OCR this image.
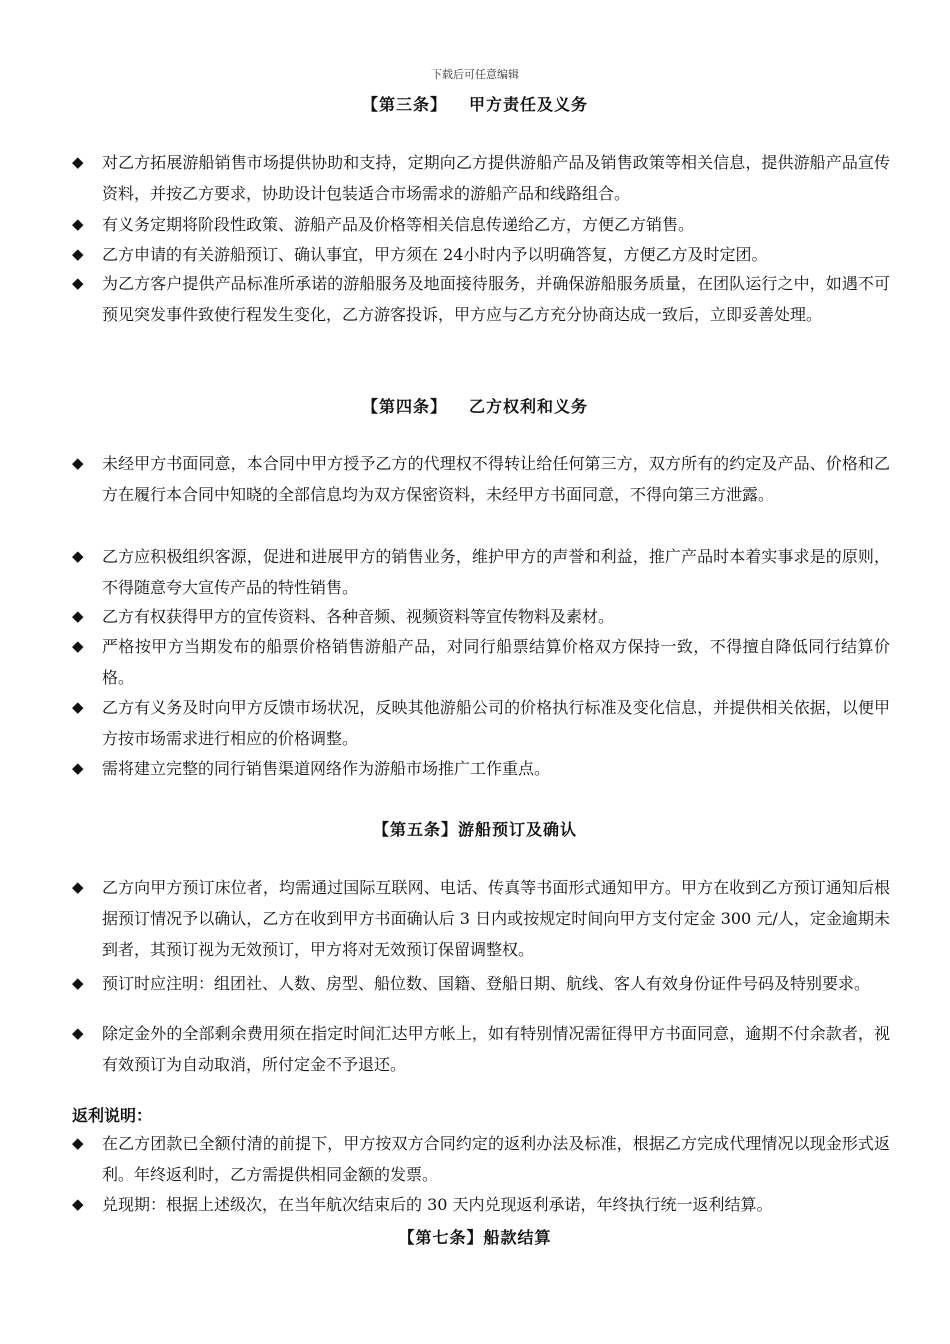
下载后可任意编辑
【第三条】 甲方责任及义务
◆	对乙方拓展游船销售市场提供协助和支持，定期向乙方提供游船产品及销售政策等相关信息，提供游船产品宣传资料，并按乙方要求，协助设计包装适合市场需求的游船产品和线路组合。
◆	有义务定期将阶段性政策、游船产品及价格等相关信息传递给乙方，方便乙方销售。
◆	乙方申请的有关游船预订、确认事宜，甲方须在 24小时内予以明确答复，方便乙方及时定团。
◆	为乙方客户提供产品标准所承诺的游船服务及地面接待服务，并确保游船服务质量，在团队运行之中，如遇不可预见突发事件致使行程发生变化，乙方游客投诉，甲方应与乙方充分协商达成一致后，立即妥善处理。
【第四条】 乙方权利和义务
◆	未经甲方书面同意，本合同中甲方授予乙方的代理权不得转让给任何第三方，双方所有的约定及产品、价格和乙方在履行本合同中知晓的全部信息均为双方保密资料，未经甲方书面同意，不得向第三方泄露。
◆	乙方应积极组织客源，促进和进展甲方的销售业务，维护甲方的声誉和利益，推广产品时本着实事求是的原则，不得随意夸大宣传产品的特性销售。
◆	乙方有权获得甲方的宣传资料、各种音频、视频资料等宣传物料及素材。
◆	严格按甲方当期发布的船票价格销售游船产品，对同行船票结算价格双方保持一致，不得擅自降低同行结算价格。
◆	乙方有义务及时向甲方反馈市场状况，反映其他游船公司的价格执行标准及变化信息，并提供相关依据，以便甲方按市场需求进行相应的价格调整。
◆	需将建立完整的同行销售渠道网络作为游船市场推广工作重点。
【第五条】游船预订及确认
◆	乙方向甲方预订床位者，均需通过国际互联网、电话、传真等书面形式通知甲方。甲方在收到乙方预订通知后根据预订情况予以确认，乙方在收到甲方书面确认后 3 日内或按规定时间向甲方支付定金 300 元/人，定金逾期未到者，其预订视为无效预订，甲方将对无效预订保留调整权。
◆	预订时应注明：组团社、人数、房型、船位数、国籍、登船日期、航线、客人有效身份证件号码及特别要求。
◆	除定金外的全部剩余费用须在指定时间汇达甲方帐上，如有特别情况需征得甲方书面同意，逾期不付余款者，视有效预订为自动取消，所付定金不予退还。
返利说明：
◆	在乙方团款已全额付清的前提下，甲方按双方合同约定的返利办法及标准，根据乙方完成代理情况以现金形式返利。年终返利时，乙方需提供相同金额的发票。
◆	兑现期：根据上述级次，在当年航次结束后的 30 天内兑现返利承诺，年终执行统一返利结算。
【第七条】船款结算
